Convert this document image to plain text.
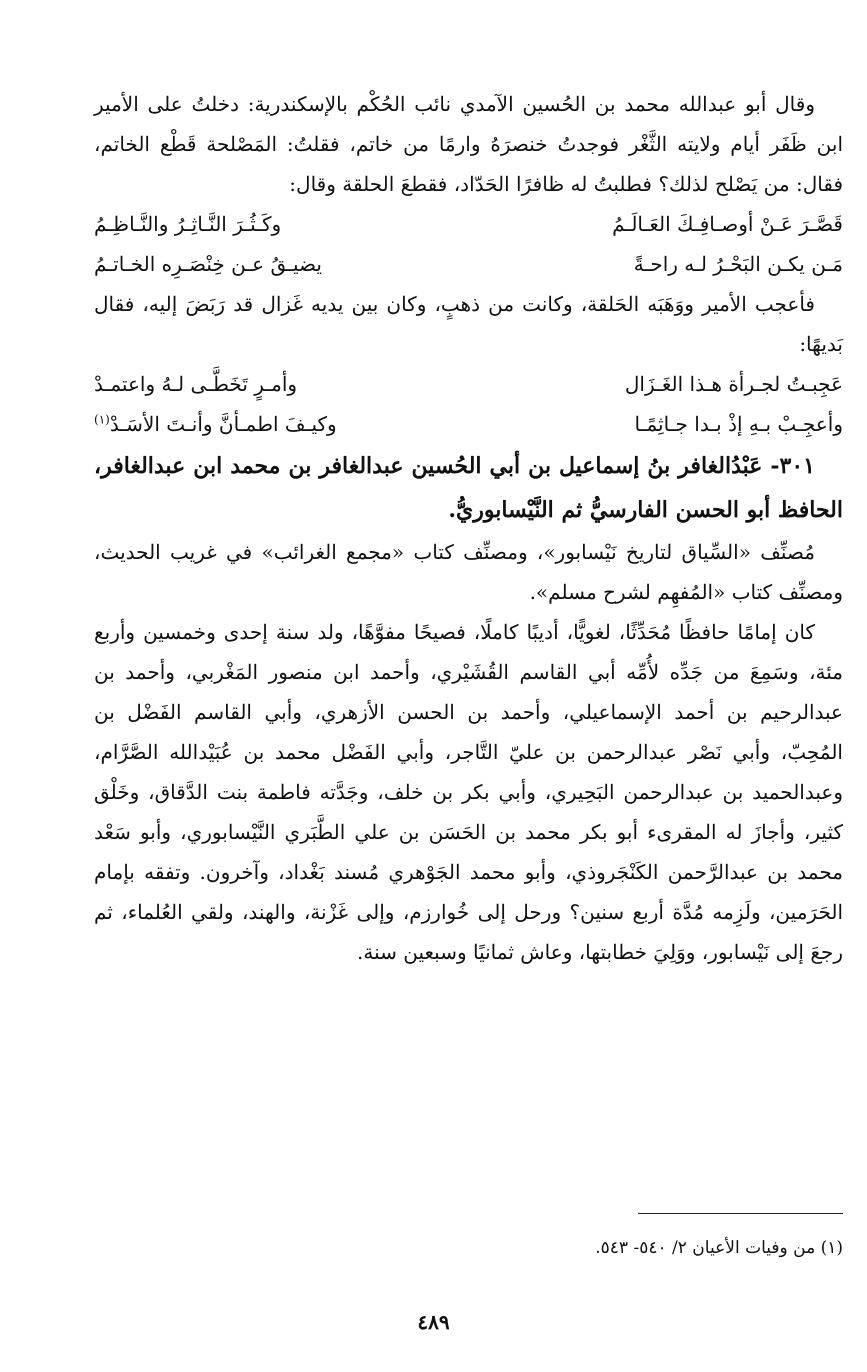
وقال أبو عبدالله محمد بن الحُسين الآمدي نائب الحُكْم بالإسكندرية: دخلتُ على الأمير ابن ظَفَر أيام ولايته الثَّغْر فوجدتُ خنصرَهُ وارمًا من خاتم، فقلتُ: المَصْلحة قَطْع الخاتم، فقال: من يَصْلح لذلك؟ فطلبتُ له ظافرًا الحَدّاد، فقطعَ الحلقة وقال:

قَصَّـرَ عَـنْ أوصـافِـكَ العَـالَـمُ
وكَـثُـرَ النَّـاثِـرُ والنَّـاظِـمُ
مَـن يكـن البَحْـرُ لـه راحـةً
يضيـقُ عـن خِنْصَـرِه الخـاتـمُ

فأعجب الأمير ووَهَبَه الحَلقة، وكانت من ذهبٍ، وكان بين يديه غَزال قد رَبَضَ إليه، فقال بَديهًا:

عَجِبـتُ لجـرأة هـذا الغَـزَال
وأمـرٍ تَخَطَّـى لـهُ واعتمـدْ
وأعجِـبْ بـهِ إذْ بـدا جـاثِمًـا
وكيـفَ اطمـأنَّ وأنـتَ الأسَـدْ$^{(١)}$

٣٠١- عَبْدُالغافر بنُ إسماعيل بن أبي الحُسين عبدالغافر بن محمد ابن عبدالغافر، الحافظ أبو الحسن الفارسيُّ ثم النَّيْسابوريُّ.

مُصنِّف «السِّياق لتاريخ نَيْسابور»، ومصنِّف كتاب «مجمع الغرائب» في غريب الحديث، ومصنِّف كتاب «المُفهِم لشرح مسلم».

كان إمامًا حافظًا مُحَدِّثًا، لغويًّا، أديبًا كاملًا، فصيحًا مفوَّهًا، ولد سنة إحدى وخمسين وأربع مئة، وسَمِعَ من جَدِّه لأُمِّه أبي القاسم القُشَيْري، وأحمد ابن منصور المَغْربي، وأحمد بن عبدالرحيم بن أحمد الإسماعيلي، وأحمد بن الحسن الأزهري، وأبي القاسم الفَضْل بن المُحِبّ، وأبي نَصْر عبدالرحمن بن عليّ التَّاجر، وأبي الفَضْل محمد بن عُبَيْدالله الصَّرَّام، وعبدالحميد بن عبدالرحمن البَحِيري، وأبي بكر بن خلف، وجَدَّته فاطمة بنت الدَّقاق، وخَلْق كثير، وأجازَ له المقرىء أبو بكر محمد بن الحَسَن بن علي الطَّبَري النَّيْسابوري، وأبو سَعْد محمد بن عبدالرَّحمن الكَنْجَروذي، وأبو محمد الجَوْهري مُسند بَغْداد، وآخرون. وتفقه بإمام الحَرَمين، ولَزِمه مُدَّة أربع سنين؟ ورحل إلى خُوارزم، وإلى غَزْنة، والهند، ولقي العُلماء، ثم رجعَ إلى نَيْسابور، ووَلِيَ خطابتها، وعاش ثمانيًا وسبعين سنة.

(١) من وفيات الأعيان ٢/ ٥٤٠- ٥٤٣.
٤٨٩
